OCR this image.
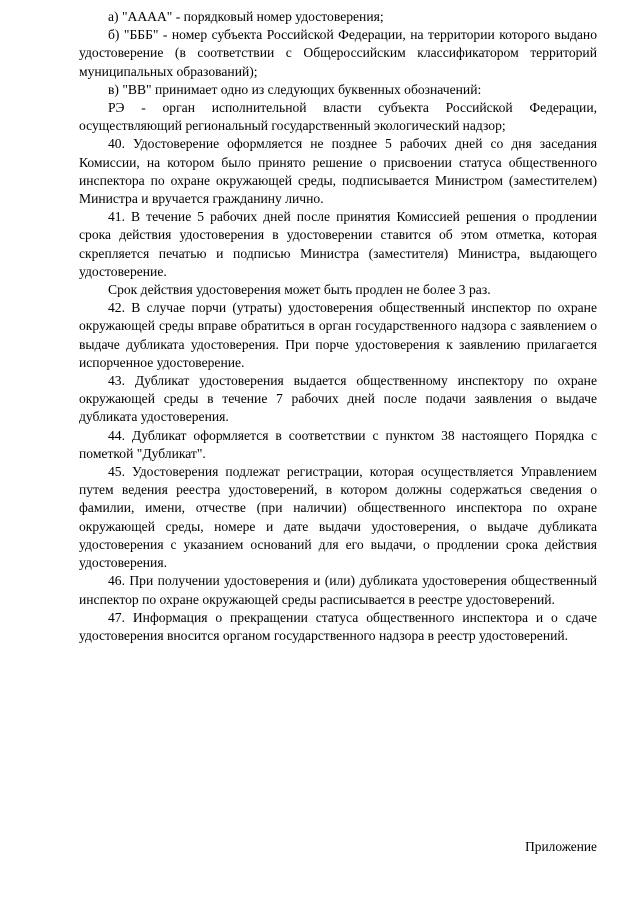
а) "АААА" - порядковый номер удостоверения;

б) "БББ" - номер субъекта Российской Федерации, на территории которого выдано удостоверение (в соответствии с Общероссийским классификатором территорий муниципальных образований);

в) "ВВ" принимает одно из следующих буквенных обозначений:

РЭ - орган исполнительной власти субъекта Российской Федерации, осуществляющий региональный государственный экологический надзор;

40. Удостоверение оформляется не позднее 5 рабочих дней со дня заседания Комиссии, на котором было принято решение о присвоении статуса общественного инспектора по охране окружающей среды, подписывается Министром (заместителем) Министра и вручается гражданину лично.

41. В течение 5 рабочих дней после принятия Комиссией решения о продлении срока действия удостоверения в удостоверении ставится об этом отметка, которая скрепляется печатью и подписью Министра (заместителя) Министра, выдающего удостоверение.

Срок действия удостоверения может быть продлен не более 3 раз.

42. В случае порчи (утраты) удостоверения общественный инспектор по охране окружающей среды вправе обратиться в орган государственного надзора с заявлением о выдаче дубликата удостоверения. При порче удостоверения к заявлению прилагается испорченное удостоверение.

43. Дубликат удостоверения выдается общественному инспектору по охране окружающей среды в течение 7 рабочих дней после подачи заявления о выдаче дубликата удостоверения.

44. Дубликат оформляется в соответствии с пунктом 38 настоящего Порядка с пометкой "Дубликат".

45. Удостоверения подлежат регистрации, которая осуществляется Управлением путем ведения реестра удостоверений, в котором должны содержаться сведения о фамилии, имени, отчестве (при наличии) общественного инспектора по охране окружающей среды, номере и дате выдачи удостоверения, о выдаче дубликата удостоверения с указанием оснований для его выдачи, о продлении срока действия удостоверения.

46. При получении удостоверения и (или) дубликата удостоверения общественный инспектор по охране окружающей среды расписывается в реестре удостоверений.

47. Информация о прекращении статуса общественного инспектора и о сдаче удостоверения вносится органом государственного надзора в реестр удостоверений.

Приложение
